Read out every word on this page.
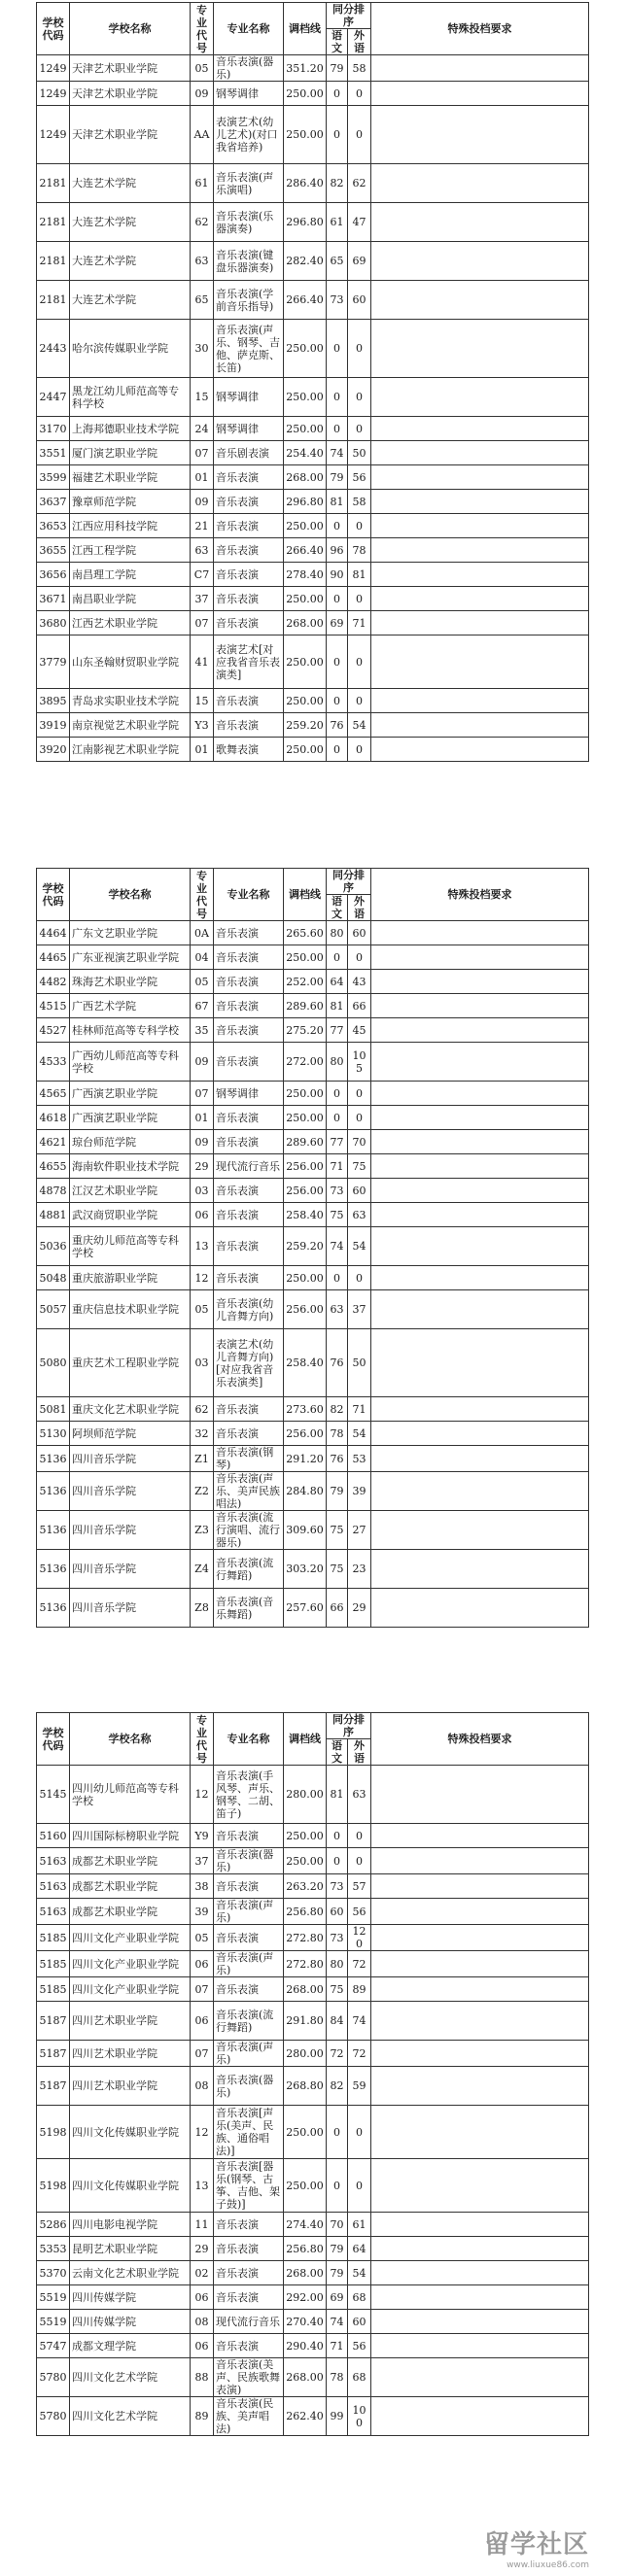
学校代码	学校名称	专业代号	专业名称	调档线	同分排序		特殊投档要求
					语文	外语	
1249	天津艺术职业学院	05	音乐表演(器乐)	351.20	79	58	
1249	天津艺术职业学院	09	钢琴调律	250.00	0	0	
1249	天津艺术职业学院	AA	表演艺术(幼儿艺术)(对口我省培养)	250.00	0	0	
2181	大连艺术学院	61	音乐表演(声乐演唱)	286.40	82	62	
2181	大连艺术学院	62	音乐表演(乐器演奏)	296.80	61	47	
2181	大连艺术学院	63	音乐表演(键盘乐器演奏)	282.40	65	69	
2181	大连艺术学院	65	音乐表演(学前音乐指导)	266.40	73	60	
2443	哈尔滨传媒职业学院	30	音乐表演(声乐、钢琴、吉他、萨克斯、长笛)	250.00	0	0	
2447	黑龙江幼儿师范高等专科学校	15	钢琴调律	250.00	0	0	
3170	上海邦德职业技术学院	24	钢琴调律	250.00	0	0	
3551	厦门演艺职业学院	07	音乐剧表演	254.40	74	50	
3599	福建艺术职业学院	01	音乐表演	268.00	79	56	
3637	豫章师范学院	09	音乐表演	296.80	81	58	
3653	江西应用科技学院	21	音乐表演	250.00	0	0	
3655	江西工程学院	63	音乐表演	266.40	96	78	
3656	南昌理工学院	C7	音乐表演	278.40	90	81	
3671	南昌职业学院	37	音乐表演	250.00	0	0	
3680	江西艺术职业学院	07	音乐表演	268.00	69	71	
3779	山东圣翰财贸职业学院	41	表演艺术[对应我省音乐表演类]	250.00	0	0	
3895	青岛求实职业技术学院	15	音乐表演	250.00	0	0	
3919	南京视觉艺术职业学院	Y3	音乐表演	259.20	76	54	
3920	江南影视艺术职业学院	01	歌舞表演	250.00	0	0	
学校代码	学校名称	专业代号	专业名称	调档线	同分排序		特殊投档要求
					语文	外语	
4464	广东文艺职业学院	0A	音乐表演	265.60	80	60	
4465	广东亚视演艺职业学院	04	音乐表演	250.00	0	0	
4482	珠海艺术职业学院	05	音乐表演	252.00	64	43	
4515	广西艺术学院	67	音乐表演	289.60	81	66	
4527	桂林师范高等专科学校	35	音乐表演	275.20	77	45	
4533	广西幼儿师范高等专科学校	09	音乐表演	272.00	80	105	
4565	广西演艺职业学院	07	钢琴调律	250.00	0	0	
4618	广西演艺职业学院	01	音乐表演	250.00	0	0	
4621	琼台师范学院	09	音乐表演	289.60	77	70	
4655	海南软件职业技术学院	29	现代流行音乐	256.00	71	75	
4878	江汉艺术职业学院	03	音乐表演	256.00	73	60	
4881	武汉商贸职业学院	06	音乐表演	258.40	75	63	
5036	重庆幼儿师范高等专科学校	13	音乐表演	259.20	74	54	
5048	重庆旅游职业学院	12	音乐表演	250.00	0	0	
5057	重庆信息技术职业学院	05	音乐表演(幼儿音舞方向)	256.00	63	37	
5080	重庆艺术工程职业学院	03	表演艺术(幼儿音舞方向)[对应我省音乐表演类]	258.40	76	50	
5081	重庆文化艺术职业学院	62	音乐表演	273.60	82	71	
5130	阿坝师范学院	32	音乐表演	256.00	78	54	
5136	四川音乐学院	Z1	音乐表演(钢琴)	291.20	76	53	
5136	四川音乐学院	Z2	音乐表演(声乐、美声民族唱法)	284.80	79	39	
5136	四川音乐学院	Z3	音乐表演(流行演唱、流行器乐)	309.60	75	27	
5136	四川音乐学院	Z4	音乐表演(流行舞蹈)	303.20	75	23	
5136	四川音乐学院	Z8	音乐表演(音乐舞蹈)	257.60	66	29	
学校代码	学校名称	专业代号	专业名称	调档线	同分排序		特殊投档要求
					语文	外语	
5145	四川幼儿师范高等专科学校	12	音乐表演(手风琴、声乐、钢琴、二胡、笛子)	280.00	81	63	
5160	四川国际标榜职业学院	Y9	音乐表演	250.00	0	0	
5163	成都艺术职业学院	37	音乐表演(器乐)	250.00	0	0	
5163	成都艺术职业学院	38	音乐表演	263.20	73	57	
5163	成都艺术职业学院	39	音乐表演(声乐)	256.80	60	56	
5185	四川文化产业职业学院	05	音乐表演	272.80	73	120	
5185	四川文化产业职业学院	06	音乐表演(声乐)	272.80	80	72	
5185	四川文化产业职业学院	07	音乐表演	268.00	75	89	
5187	四川艺术职业学院	06	音乐表演(流行舞蹈)	291.80	84	74	
5187	四川艺术职业学院	07	音乐表演(声乐)	280.00	72	72	
5187	四川艺术职业学院	08	音乐表演(器乐)	268.80	82	59	
5198	四川文化传媒职业学院	12	音乐表演[声乐(美声、民族、通俗唱法)]	250.00	0	0	
5198	四川文化传媒职业学院	13	音乐表演[器乐(钢琴、古筝、吉他、架子鼓)]	250.00	0	0	
5286	四川电影电视学院	11	音乐表演	274.40	70	61	
5353	昆明艺术职业学院	29	音乐表演	256.80	79	64	
5370	云南文化艺术职业学院	02	音乐表演	268.00	79	54	
5519	四川传媒学院	06	音乐表演	292.00	69	68	
5519	四川传媒学院	08	现代流行音乐	270.40	74	60	
5747	成都文理学院	06	音乐表演	290.40	71	56	
5780	四川文化艺术学院	88	音乐表演(美声、民族歌舞表演)	268.00	78	68	
5780	四川文化艺术学院	89	音乐表演(民族、美声唱法)	262.40	99	100	
留学社区
www.liuxue86.com
